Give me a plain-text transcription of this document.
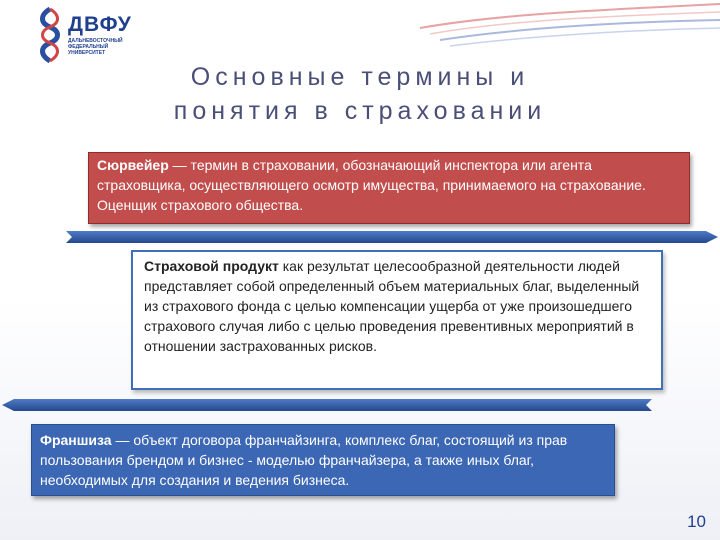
ДВФУ
ДАЛЬНЕВОСТОЧНЫЙ ФЕДЕРАЛЬНЫЙ УНИВЕРСИТЕТ
Основные термины и
понятия в страховании
Сюрвейер — термин в страховании, обозначающий инспектора или агента страховщика, осуществляющего осмотр имущества, принимаемого на страхование. Оценщик страхового общества.
Страховой продукт как результат целесообразной деятельности людей представляет собой определенный объем материальных благ, выделенный из страхового фонда с целью компенсации ущерба от уже произошедшего страхового случая либо с целью проведения превентивных мероприятий в отношении застрахованных рисков.
Франшиза — объект договора франчайзинга, комплекс благ, состоящий из прав пользования брендом и бизнес - моделью франчайзера, а также иных благ, необходимых для создания и ведения бизнеса.
10
